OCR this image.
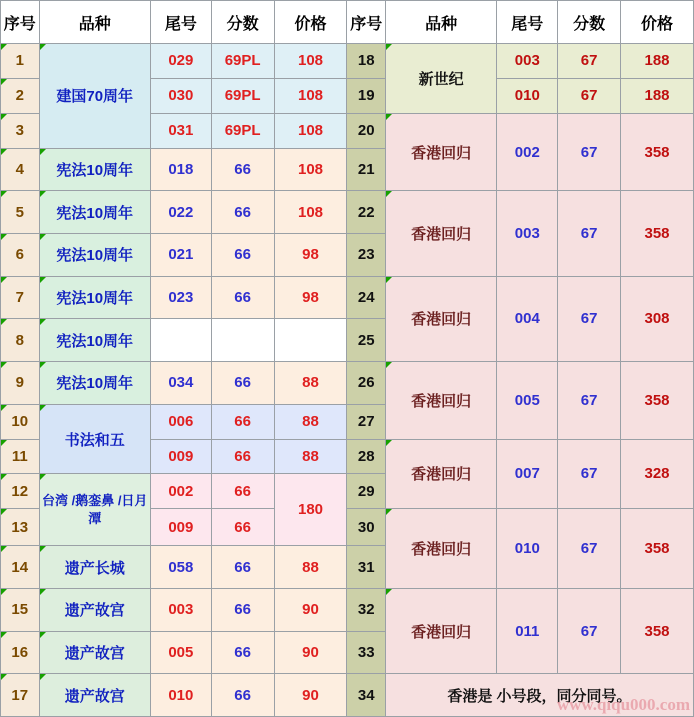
序号	品种	尾号	分数	价格	序号	品种	尾号	分数	价格
1	建国70周年	029	69PL	108	18	新世纪	003	67	188
2		030	69PL	108	19		010	67	188
3		031	69PL	108	20	香港回归	002	67	358
4	宪法10周年	018	66	108	21				
5	宪法10周年	022	66	108	22	香港回归	003	67	358
6	宪法10周年	021	66	98	23				
7	宪法10周年	023	66	98	24	香港回归	004	67	308
8	宪法10周年				25				
9	宪法10周年	034	66	88	26	香港回归	005	67	358
10	书法和五	006	66	88	27				
11		009	66	88	28	香港回归	007	67	328
12	台湾 /鹅銮鼻 /日月潭	002	66	180	29				
13		009	66		30	香港回归	010	67	358
14	遗产长城	058	66	88	31				
15	遗产故宫	003	66	90	32	香港回归	011	67	358
16	遗产故宫	005	66	90	33				
17	遗产故宫	010	66	90	34	香港是 小号段，同分同号。			
www.qiqu000.com
